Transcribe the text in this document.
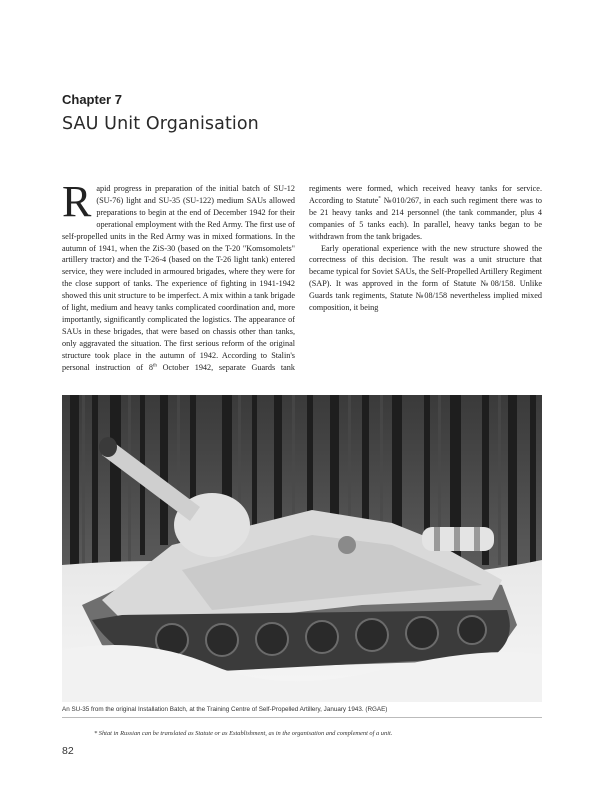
Chapter 7
SAU Unit Organisation

Rapid progress in preparation of the initial batch of SU-12 (SU-76) light and SU-35 (SU-122) medium SAUs allowed preparations to begin at the end of December 1942 for their operational employment with the Red Army. The first use of self-propelled units in the Red Army was in mixed formations. In the autumn of 1941, when the ZiS-30 (based on the T-20 "Komsomolets" artillery tractor) and the T-26-4 (based on the T-26 light tank) entered service, they were included in armoured brigades, where they were for the close support of tanks. The experience of fighting in 1941-1942 showed this unit structure to be imperfect. A mix within a tank brigade of light, medium and heavy tanks complicated coordination and, more importantly, significantly complicated the logistics. The appearance of SAUs in these brigades, that were based on chassis other than tanks, only aggravated the situation. The first serious reform of the original structure took place in the autumn of 1942. According to Stalin's personal instruction of 8th October 1942, separate Guards tank regiments were formed, which received heavy tanks for service. According to Statute* №010/267, in each such regiment there was to be 21 heavy tanks and 214 personnel (the tank commander, plus 4 companies of 5 tanks each). In parallel, heavy tanks began to be withdrawn from the tank brigades.

Early operational experience with the new structure showed the correctness of this decision. The result was a unit structure that became typical for Soviet SAUs, the Self-Propelled Artillery Regiment (SAP). It was approved in the form of Statute №08/158. Unlike Guards tank regiments, Statute №08/158 nevertheless implied mixed composition, it being

An SU-35 from the original Installation Batch, at the Training Centre of Self-Propelled Artillery, January 1943. (RGAE)
* Shtat in Russian can be translated as Statute or as Establishment, as in the organisation and complement of a unit.
82
